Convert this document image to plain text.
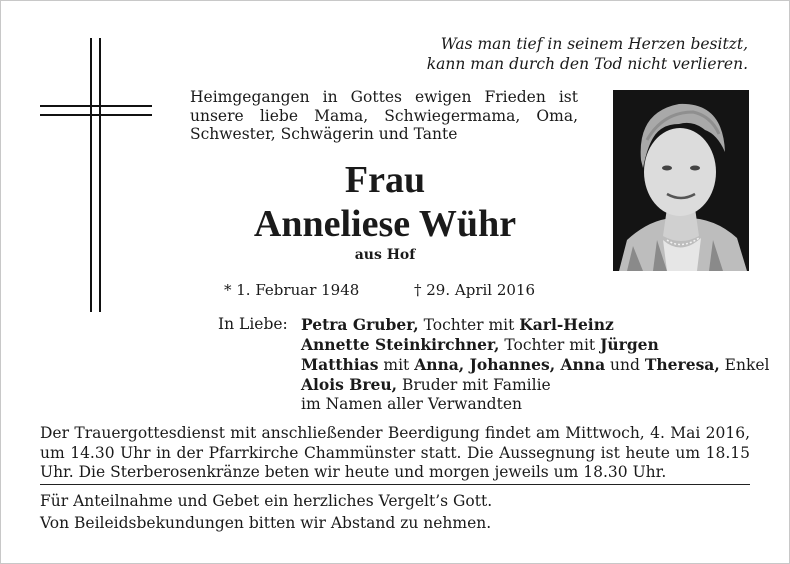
Was man tief in seinem Herzen besitzt,
kann man durch den Tod nicht verlieren.
Heimgegangen in Gottes ewigen Frieden ist unsere liebe Mama, Schwiegermama, Oma, Schwester, Schwägerin und Tante
Frau
Anneliese Wühr
aus Hof
* 1. Februar 1948	† 29. April 2016
In Liebe: Petra Gruber, Tochter mit Karl-Heinz
Annette Steinkirchner, Tochter mit Jürgen
Matthias mit Anna, Johannes, Anna und Theresa, Enkel
Alois Breu, Bruder mit Familie
im Namen aller Verwandten
Der Trauergottesdienst mit anschließender Beerdigung findet am Mittwoch, 4. Mai 2016, um 14.30 Uhr in der Pfarrkirche Chammünster statt. Die Aussegnung ist heute um 18.15 Uhr. Die Sterberosenkränze beten wir heute und morgen jeweils um 18.30 Uhr.
Für Anteilnahme und Gebet ein herzliches Vergelt’s Gott.
Von Beileidsbekundungen bitten wir Abstand zu nehmen.
